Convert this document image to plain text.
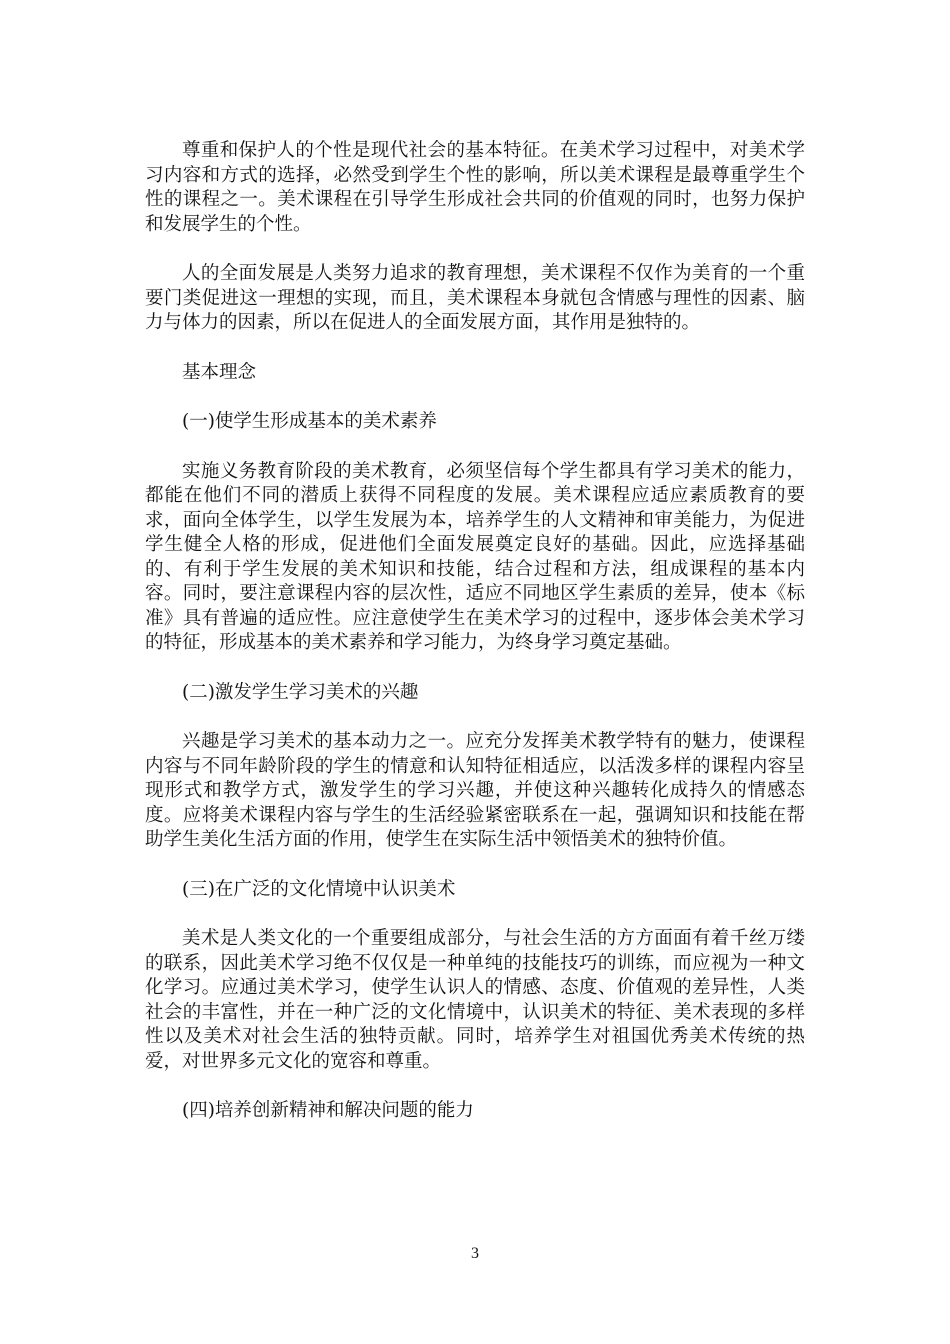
尊重和保护人的个性是现代社会的基本特征。在美术学习过程中，对美术学习内容和方式的选择，必然受到学生个性的影响，所以美术课程是最尊重学生个性的课程之一。美术课程在引导学生形成社会共同的价值观的同时，也努力保护和发展学生的个性。

人的全面发展是人类努力追求的教育理想，美术课程不仅作为美育的一个重要门类促进这一理想的实现，而且，美术课程本身就包含情感与理性的因素、脑力与体力的因素，所以在促进人的全面发展方面，其作用是独特的。

基本理念

(一)使学生形成基本的美术素养

实施义务教育阶段的美术教育，必须坚信每个学生都具有学习美术的能力，都能在他们不同的潜质上获得不同程度的发展。美术课程应适应素质教育的要求，面向全体学生，以学生发展为本，培养学生的人文精神和审美能力，为促进学生健全人格的形成，促进他们全面发展奠定良好的基础。因此，应选择基础的、有利于学生发展的美术知识和技能，结合过程和方法，组成课程的基本内容。同时，要注意课程内容的层次性，适应不同地区学生素质的差异，使本《标准》具有普遍的适应性。应注意使学生在美术学习的过程中，逐步体会美术学习的特征，形成基本的美术素养和学习能力，为终身学习奠定基础。

(二)激发学生学习美术的兴趣

兴趣是学习美术的基本动力之一。应充分发挥美术教学特有的魅力，使课程内容与不同年龄阶段的学生的情意和认知特征相适应，以活泼多样的课程内容呈现形式和教学方式，激发学生的学习兴趣，并使这种兴趣转化成持久的情感态度。应将美术课程内容与学生的生活经验紧密联系在一起，强调知识和技能在帮助学生美化生活方面的作用，使学生在实际生活中领悟美术的独特价值。

(三)在广泛的文化情境中认识美术

美术是人类文化的一个重要组成部分，与社会生活的方方面面有着千丝万缕的联系，因此美术学习绝不仅仅是一种单纯的技能技巧的训练，而应视为一种文化学习。应通过美术学习，使学生认识人的情感、态度、价值观的差异性，人类社会的丰富性，并在一种广泛的文化情境中，认识美术的特征、美术表现的多样性以及美术对社会生活的独特贡献。同时，培养学生对祖国优秀美术传统的热爱，对世界多元文化的宽容和尊重。

(四)培养创新精神和解决问题的能力

3
